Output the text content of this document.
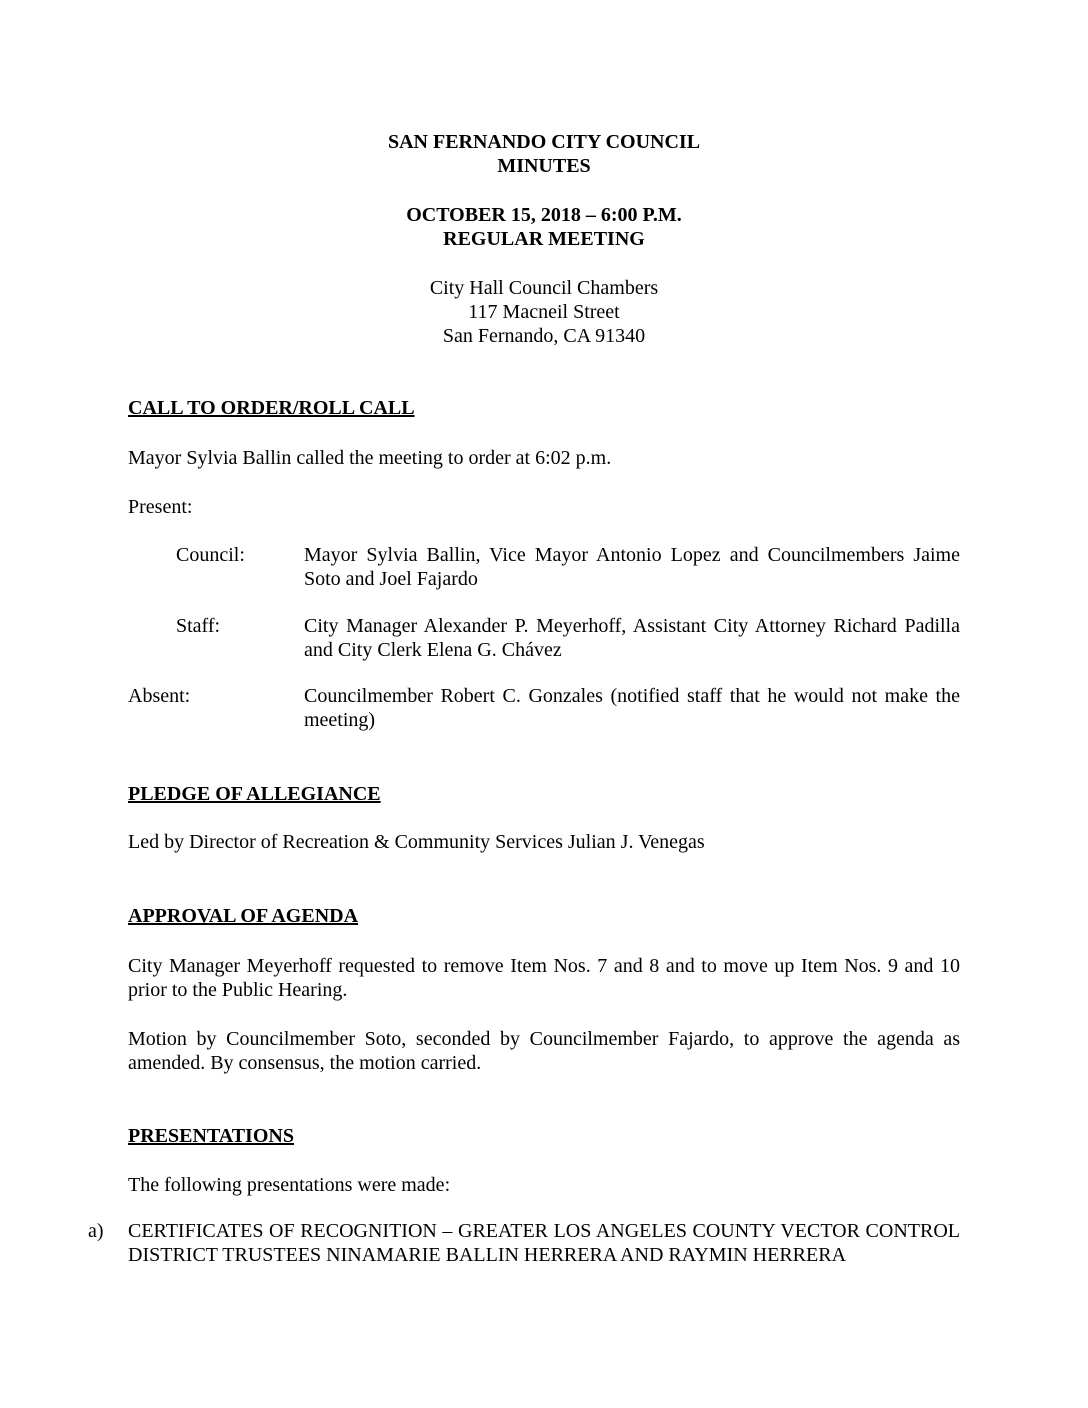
SAN FERNANDO CITY COUNCIL
MINUTES
OCTOBER 15, 2018 – 6:00 P.M.
REGULAR MEETING
City Hall Council Chambers
117 Macneil Street
San Fernando, CA 91340
CALL TO ORDER/ROLL CALL
Mayor Sylvia Ballin called the meeting to order at 6:02 p.m.
Present:
Council:	Mayor Sylvia Ballin, Vice Mayor Antonio Lopez and Councilmembers Jaime Soto and Joel Fajardo
Staff:	City Manager Alexander P. Meyerhoff, Assistant City Attorney Richard Padilla and City Clerk Elena G. Chávez
Absent:	Councilmember Robert C. Gonzales (notified staff that he would not make the meeting)
PLEDGE OF ALLEGIANCE
Led by Director of Recreation & Community Services Julian J. Venegas
APPROVAL OF AGENDA
City Manager Meyerhoff requested to remove Item Nos. 7 and 8 and to move up Item Nos. 9 and 10 prior to the Public Hearing.
Motion by Councilmember Soto, seconded by Councilmember Fajardo, to approve the agenda as amended. By consensus, the motion carried.
PRESENTATIONS
The following presentations were made:
a) CERTIFICATES OF RECOGNITION – GREATER LOS ANGELES COUNTY VECTOR CONTROL DISTRICT TRUSTEES NINAMARIE BALLIN HERRERA AND RAYMIN HERRERA
